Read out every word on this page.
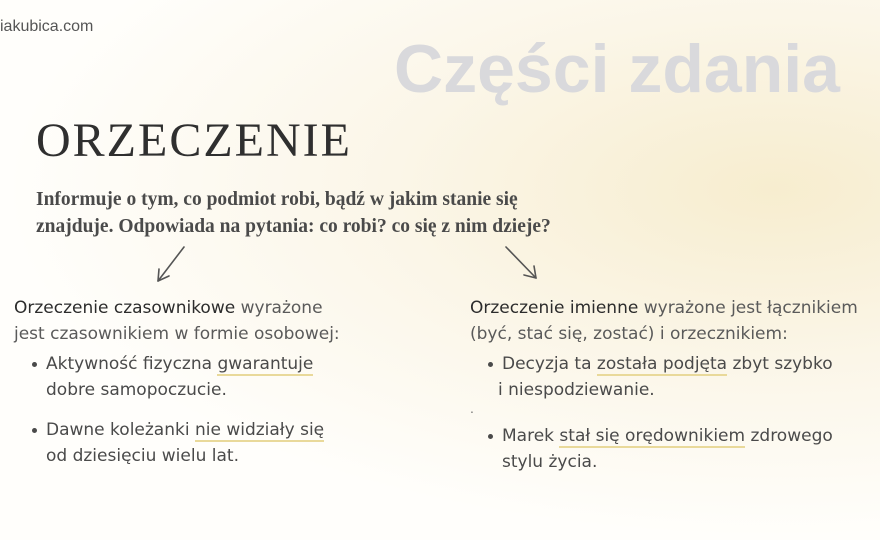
iakubica.com
Części zdania
ORZECZENIE
Informuje o tym, co podmiot robi, bądź w jakim stanie się
znajduje. Odpowiada na pytania: co robi? co się z nim dzieje?
Orzeczenie czasownikowe wyrażone
jest czasownikiem w formie osobowej:
Aktywność fizyczna gwarantuje
dobre samopoczucie.
Dawne koleżanki nie widziały się
od dziesięciu wielu lat.
Orzeczenie imienne wyrażone jest łącznikiem
(być, stać się, zostać) i orzecznikiem:
Decyzja ta została podjęta zbyt szybko
i niespodziewanie.
Marek stał się orędownikiem zdrowego
stylu życia.
.
